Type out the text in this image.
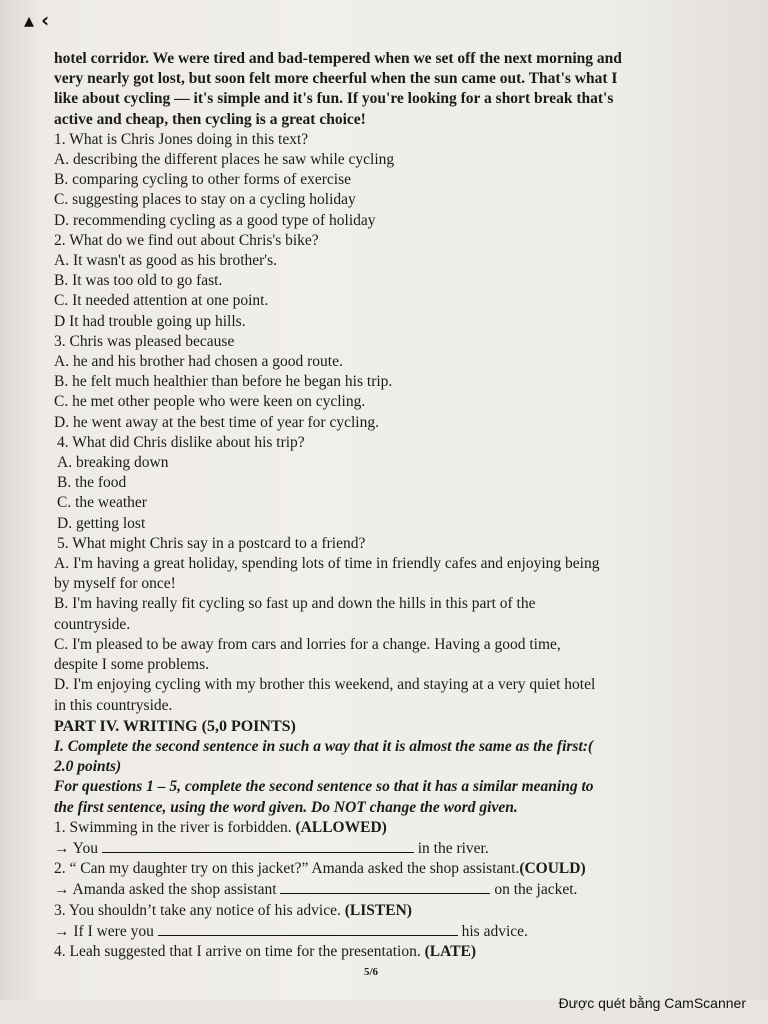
▴ ‹
hotel corridor. We were tired and bad-tempered when we set off the next morning and
very nearly got lost, but soon felt more cheerful when the sun came out. That's what I
like about cycling — it's simple and it's fun. If you're looking for a short break that's
active and cheap, then cycling is a great choice!
1. What is Chris Jones doing in this text?
A. describing the different places he saw while cycling
B. comparing cycling to other forms of exercise
C. suggesting places to stay on a cycling holiday
D. recommending cycling as a good type of holiday
2. What do we find out about Chris's bike?
A. It wasn't as good as his brother's.
B. It was too old to go fast.
C. It needed attention at one point.
D It had trouble going up hills.
3. Chris was pleased because
A. he and his brother had chosen a good route.
B. he felt much healthier than before he began his trip.
C. he met other people who were keen on cycling.
D. he went away at the best time of year for cycling.
4. What did Chris dislike about his trip?
A. breaking down
B. the food
C. the weather
D. getting lost
5. What might Chris say in a postcard to a friend?
A. I'm having a great holiday, spending lots of time in friendly cafes and enjoying being
by myself for once!
B. I'm having really fit cycling so fast up and down the hills in this part of the
countryside.
C. I'm pleased to be away from cars and lorries for a change. Having a good time,
despite I some problems.
D. I'm enjoying cycling with my brother this weekend, and staying at a very quiet hotel
in this countryside.
PART IV. WRITING (5,0 POINTS)
I. Complete the second sentence in such a way that it is almost the same as the first:(
2.0 points)
For questions 1 – 5, complete the second sentence so that it has a similar meaning to
the first sentence, using the word given. Do NOT change the word given.
1. Swimming in the river is forbidden. (ALLOWED)
→ You	in the river.
2. “ Can my daughter try on this jacket?” Amanda asked the shop assistant.(COULD)
→ Amanda asked the shop assistant	on the jacket.
3. You shouldn’t take any notice of his advice. (LISTEN)
→ If I were you	his advice.
4. Leah suggested that I arrive on time for the presentation. (LATE)
5/6
Được quét bằng CamScanner
